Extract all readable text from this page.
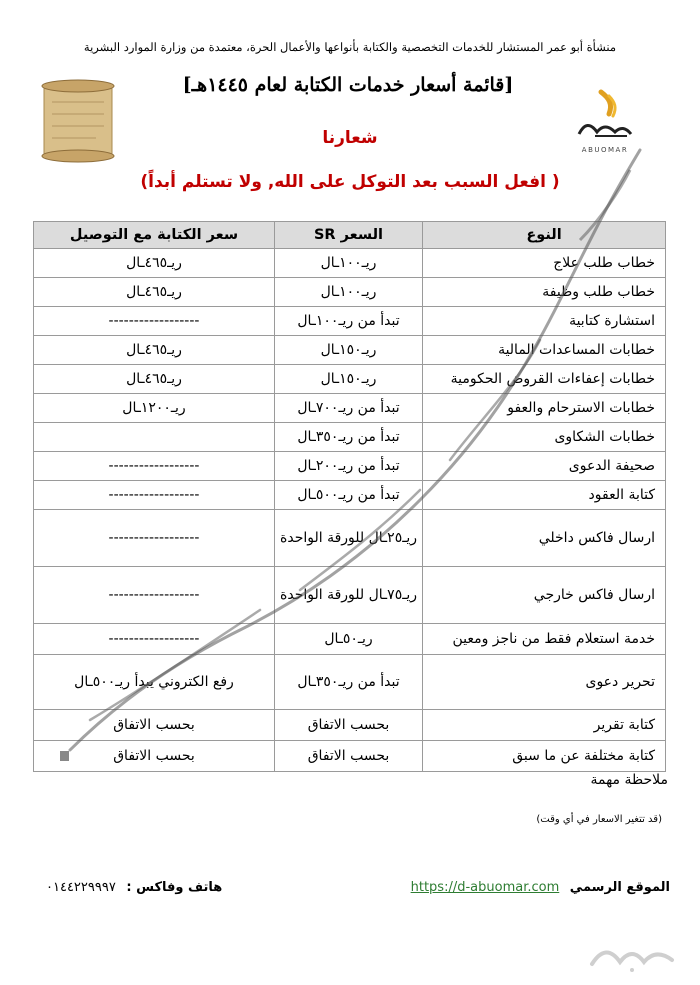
منشأة أبو عمر المستشار للخدمات التخصصية والكتابة بأنواعها والأعمال الحرة، معتمدة من وزارة الموارد البشرية
[قائمة أسعار خدمات الكتابة لعام ١٤٤٥هـ]
ABUOMAR
شعارنا
( افعل السبب بعد التوكل على الله, ولا تستلم أبداً)
النوع	السعر SR	سعر الكتابة مع التوصيل
خطاب طلب علاج	ريـ١٠٠ـال	ريـ٤٦٥ـال
خطاب طلب وظيفة	ريـ١٠٠ـال	ريـ٤٦٥ـال
استشارة كتابية	تبدأ من ريـ١٠٠ـال	------------------
خطابات المساعدات المالية	ريـ١٥٠ـال	ريـ٤٦٥ـال
خطابات إعفاءات القروض الحكومية	ريـ١٥٠ـال	ريـ٤٦٥ـال
خطابات الاسترحام والعفو	تبدأ من ريـ٧٠٠ـال	ريـ١٢٠٠ـال
خطابات الشكاوى	تبدأ من ريـ٣٥٠ـال	
صحيفة الدعوى	تبدأ من ريـ٢٠٠ـال	------------------
كتابة العقود	تبدأ من ريـ٥٠٠ـال	------------------
ارسال فاكس داخلي	ريـ٢٥ـال للورقة الواحدة	------------------
ارسال فاكس خارجي	ريـ٧٥ـال للورقة الواحدة	------------------
خدمة استعلام فقط من ناجز ومعين	ريـ٥٠ـال	------------------
تحرير دعوى	تبدأ من ريـ٣٥٠ـال	رفع الكتروني يبدأ ريـ٥٠٠ـال
كتابة تقرير	بحسب الاتفاق	بحسب الاتفاق
كتابة مختلفة عن ما سبق	بحسب الاتفاق	بحسب الاتفاق
ملاحظة مهمة
(قد تتغير الاسعار في أي وقت)
الموقع الرسمي https://d-abuomar.com
هاتف وفاكس : ٠١٤٤٢٢٩٩٩٧
